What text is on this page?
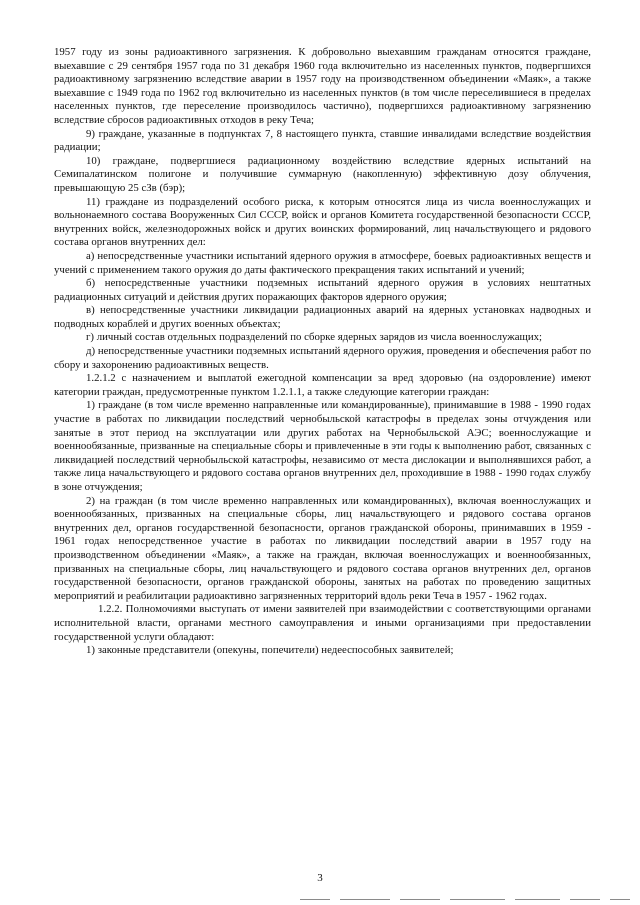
1957 году из зоны радиоактивного загрязнения. К добровольно выехавшим гражданам относятся граждане, выехавшие с 29 сентября 1957 года по 31 декабря 1960 года включительно из населенных пунктов, подвергшихся радиоактивному загрязнению вследствие аварии в 1957 году на производственном объединении «Маяк», а также выехавшие с 1949 года по 1962 год включительно из населенных пунктов (в том числе переселившиеся в пределах населенных пунктов, где переселение производилось частично), подвергшихся радиоактивному загрязнению вследствие сбросов радиоактивных отходов в реку Теча;

9) граждане, указанные в подпунктах 7, 8 настоящего пункта, ставшие инвалидами вследствие воздействия радиации;

10) граждане, подвергшиеся радиационному воздействию вследствие ядерных испытаний на Семипалатинском полигоне и получившие суммарную (накопленную) эффективную дозу облучения, превышающую 25 сЗв (бэр);

11) граждане из подразделений особого риска, к которым относятся лица из числа военнослужащих и вольнонаемного состава Вооруженных Сил СССР, войск и органов Комитета государственной безопасности СССР, внутренних войск, железнодорожных войск и других воинских формирований, лиц начальствующего и рядового состава органов внутренних дел:

а) непосредственные участники испытаний ядерного оружия в атмосфере, боевых радиоактивных веществ и учений с применением такого оружия до даты фактического прекращения таких испытаний и учений;

б) непосредственные участники подземных испытаний ядерного оружия в условиях нештатных радиационных ситуаций и действия других поражающих факторов ядерного оружия;

в) непосредственные участники ликвидации радиационных аварий на ядерных установках надводных и подводных кораблей и других военных объектах;

г) личный состав отдельных подразделений по сборке ядерных зарядов из числа военнослужащих;

д) непосредственные участники подземных испытаний ядерного оружия, проведения и обеспечения работ по сбору и захоронению радиоактивных веществ.

1.2.1.2 с назначением и выплатой ежегодной компенсации за вред здоровью (на оздоровление) имеют категории граждан, предусмотренные пунктом 1.2.1.1, а также следующие категории граждан:

1) граждане (в том числе временно направленные или командированные), принимавшие в 1988 - 1990 годах участие в работах по ликвидации последствий чернобыльской катастрофы в пределах зоны отчуждения или занятые в этот период на эксплуатации или других работах на Чернобыльской АЭС; военнослужащие и военнообязанные, призванные на специальные сборы и привлеченные в эти годы к выполнению работ, связанных с ликвидацией последствий чернобыльской катастрофы, независимо от места дислокации и выполнявшихся работ, а также лица начальствующего и рядового состава органов внутренних дел, проходившие в 1988 - 1990 годах службу в зоне отчуждения;

2) на граждан (в том числе временно направленных или командированных), включая военнослужащих и военнообязанных, призванных на специальные сборы, лиц начальствующего и рядового состава органов внутренних дел, органов государственной безопасности, органов гражданской обороны, принимавших в 1959 - 1961 годах непосредственное участие в работах по ликвидации последствий аварии в 1957 году на производственном объединении «Маяк», а также на граждан, включая военнослужащих и военнообязанных, призванных на специальные сборы, лиц начальствующего и рядового состава органов внутренних дел, органов государственной безопасности, органов гражданской обороны, занятых на работах по проведению защитных мероприятий и реабилитации радиоактивно загрязненных территорий вдоль реки Теча в 1957 - 1962 годах.

1.2.2. Полномочиями выступать от имени заявителей при взаимодействии с соответствующими органами исполнительной власти, органами местного самоуправления и иными организациями при предоставлении государственной услуги обладают:

1) законные представители (опекуны, попечители) недееспособных заявителей;

3
